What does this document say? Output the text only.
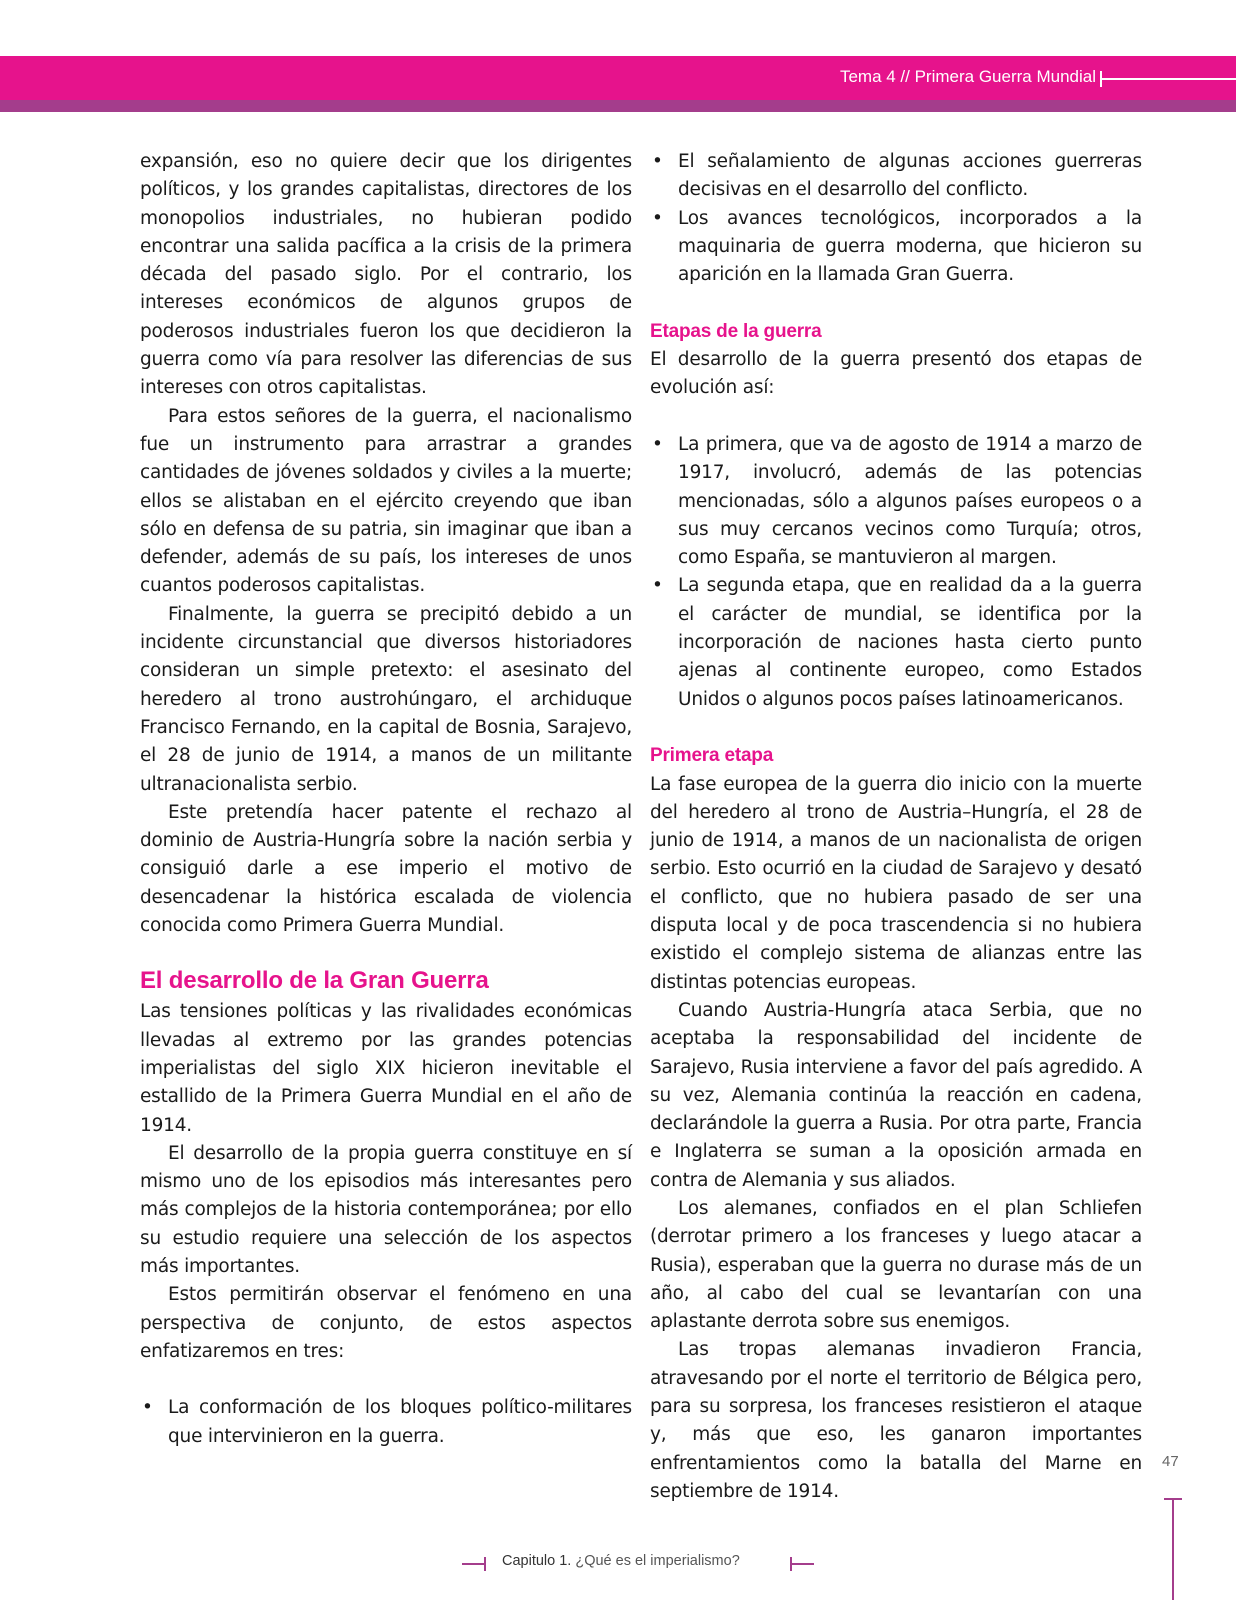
Tema 4 // Primera Guerra Mundial

expansión, eso no quiere decir que los dirigentes políticos, y los grandes capitalistas, directores de los monopolios industriales, no hubieran podido encontrar una salida pacífica a la crisis de la primera década del pasado siglo. Por el contrario, los intereses económicos de algunos grupos de poderosos industriales fueron los que decidieron la guerra como vía para resolver las diferencias de sus intereses con otros capitalistas.

Para estos señores de la guerra, el nacionalismo fue un instrumento para arrastrar a grandes cantidades de jóvenes soldados y civiles a la muerte; ellos se alistaban en el ejército creyendo que iban sólo en defensa de su patria, sin imaginar que iban a defender, además de su país, los intereses de unos cuantos poderosos capitalistas.

Finalmente, la guerra se precipitó debido a un incidente circunstancial que diversos historiadores consideran un simple pretexto: el asesinato del heredero al trono austrohúngaro, el archiduque Francisco Fernando, en la capital de Bosnia, Sarajevo, el 28 de junio de 1914, a manos de un militante ultranacionalista serbio.

Este pretendía hacer patente el rechazo al dominio de Austria-Hungría sobre la nación serbia y consiguió darle a ese imperio el motivo de desencadenar la histórica escalada de violencia conocida como Primera Guerra Mundial.

El desarrollo de la Gran Guerra

Las tensiones políticas y las rivalidades económicas llevadas al extremo por las grandes potencias imperialistas del siglo XIX hicieron inevitable el estallido de la Primera Guerra Mundial en el año de 1914.

El desarrollo de la propia guerra constituye en sí mismo uno de los episodios más interesantes pero más complejos de la historia contemporánea; por ello su estudio requiere una selección de los aspectos más importantes.

Estos permitirán observar el fenómeno en una perspectiva de conjunto, de estos aspectos enfatizaremos en tres:

• La conformación de los bloques político-militares que intervinieron en la guerra.
• El señalamiento de algunas acciones guerreras decisivas en el desarrollo del conflicto.
• Los avances tecnológicos, incorporados a la maquinaria de guerra moderna, que hicieron su aparición en la llamada Gran Guerra.
Etapas de la guerra

El desarrollo de la guerra presentó dos etapas de evolución así:

• La primera, que va de agosto de 1914 a marzo de 1917, involucró, además de las potencias mencionadas, sólo a algunos países europeos o a sus muy cercanos vecinos como Turquía; otros, como España, se mantuvieron al margen.
• La segunda etapa, que en realidad da a la guerra el carácter de mundial, se identifica por la incorporación de naciones hasta cierto punto ajenas al continente europeo, como Estados Unidos o algunos pocos países latinoamericanos.
Primera etapa

La fase europea de la guerra dio inicio con la muerte del heredero al trono de Austria–Hungría, el 28 de junio de 1914, a manos de un nacionalista de origen serbio. Esto ocurrió en la ciudad de Sarajevo y desató el conflicto, que no hubiera pasado de ser una disputa local y de poca trascendencia si no hubiera existido el complejo sistema de alianzas entre las distintas potencias europeas.

Cuando Austria-Hungría ataca Serbia, que no aceptaba la responsabilidad del incidente de Sarajevo, Rusia interviene a favor del país agredido. A su vez, Alemania continúa la reacción en cadena, declarándole la guerra a Rusia. Por otra parte, Francia e Inglaterra se suman a la oposición armada en contra de Alemania y sus aliados.

Los alemanes, confiados en el plan Schliefen (derrotar primero a los franceses y luego atacar a Rusia), esperaban que la guerra no durase más de un año, al cabo del cual se levantarían con una aplastante derrota sobre sus enemigos.

Las tropas alemanas invadieron Francia, atravesando por el norte el territorio de Bélgica pero, para su sorpresa, los franceses resistieron el ataque y, más que eso, les ganaron importantes enfrentamientos como la batalla del Marne en septiembre de 1914.

47
Capitulo 1. ¿Qué es el imperialismo?
